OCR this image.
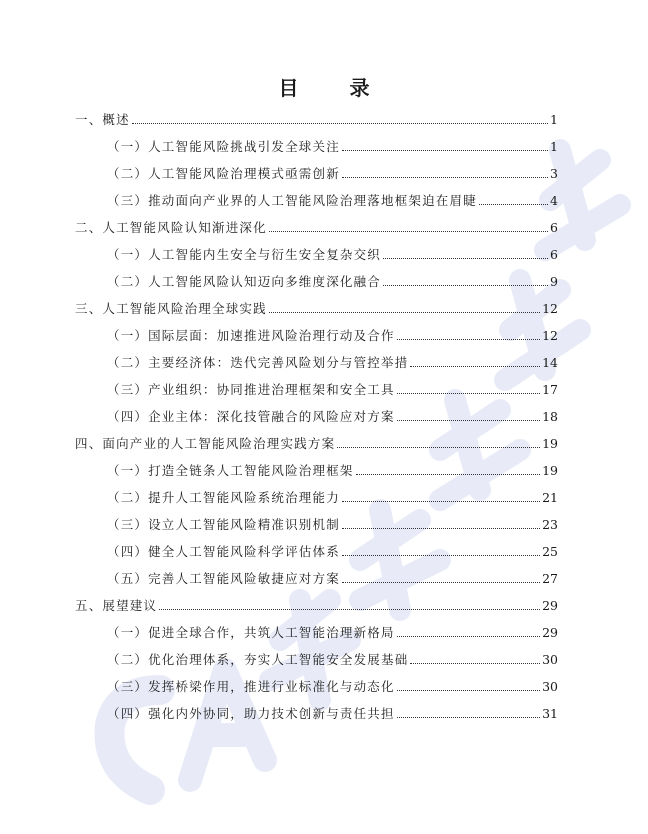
目 录
一、概述	1
（一）人工智能风险挑战引发全球关注	1
（二）人工智能风险治理模式亟需创新	3
（三）推动面向产业界的人工智能风险治理落地框架迫在眉睫	4
二、人工智能风险认知渐进深化	6
（一）人工智能内生安全与衍生安全复杂交织	6
（二）人工智能风险认知迈向多维度深化融合	9
三、人工智能风险治理全球实践	12
（一）国际层面：加速推进风险治理行动及合作	12
（二）主要经济体：迭代完善风险划分与管控举措	14
（三）产业组织：协同推进治理框架和安全工具	17
（四）企业主体：深化技管融合的风险应对方案	18
四、面向产业的人工智能风险治理实践方案	19
（一）打造全链条人工智能风险治理框架	19
（二）提升人工智能风险系统治理能力	21
（三）设立人工智能风险精准识别机制	23
（四）健全人工智能风险科学评估体系	25
（五）完善人工智能风险敏捷应对方案	27
五、展望建议	29
（一）促进全球合作，共筑人工智能治理新格局	29
（二）优化治理体系，夯实人工智能安全发展基础	30
（三）发挥桥梁作用，推进行业标准化与动态化	30
（四）强化内外协同，助力技术创新与责任共担	31
